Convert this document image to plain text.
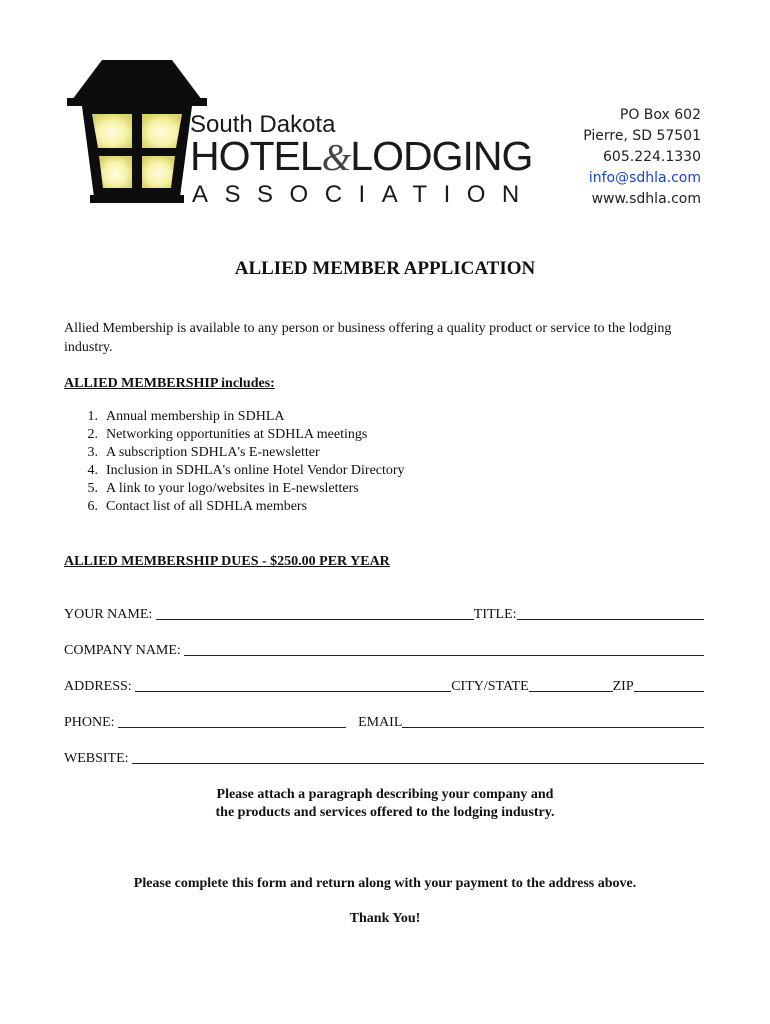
South Dakota
HOTEL&LODGING
ASSOCIATION
PO Box 602
Pierre, SD 57501
605.224.1330
info@sdhla.com
www.sdhla.com
ALLIED MEMBER APPLICATION
Allied Membership is available to any person or business offering a quality product or service to the lodging industry.
ALLIED MEMBERSHIP includes:
1. Annual membership in SDHLA
2. Networking opportunities at SDHLA meetings
3. A subscription SDHLA's E-newsletter
4. Inclusion in SDHLA's online Hotel Vendor Directory
5. A link to your logo/websites in E-newsletters
6. Contact list of all SDHLA members
ALLIED MEMBERSHIP DUES - $250.00 PER YEAR
YOUR NAME:	TITLE:
COMPANY NAME:
ADDRESS:	CITY/STATE	ZIP
PHONE:	EMAIL
WEBSITE:
Please attach a paragraph describing your company and
the products and services offered to the lodging industry.
Please complete this form and return along with your payment to the address above.
Thank You!
